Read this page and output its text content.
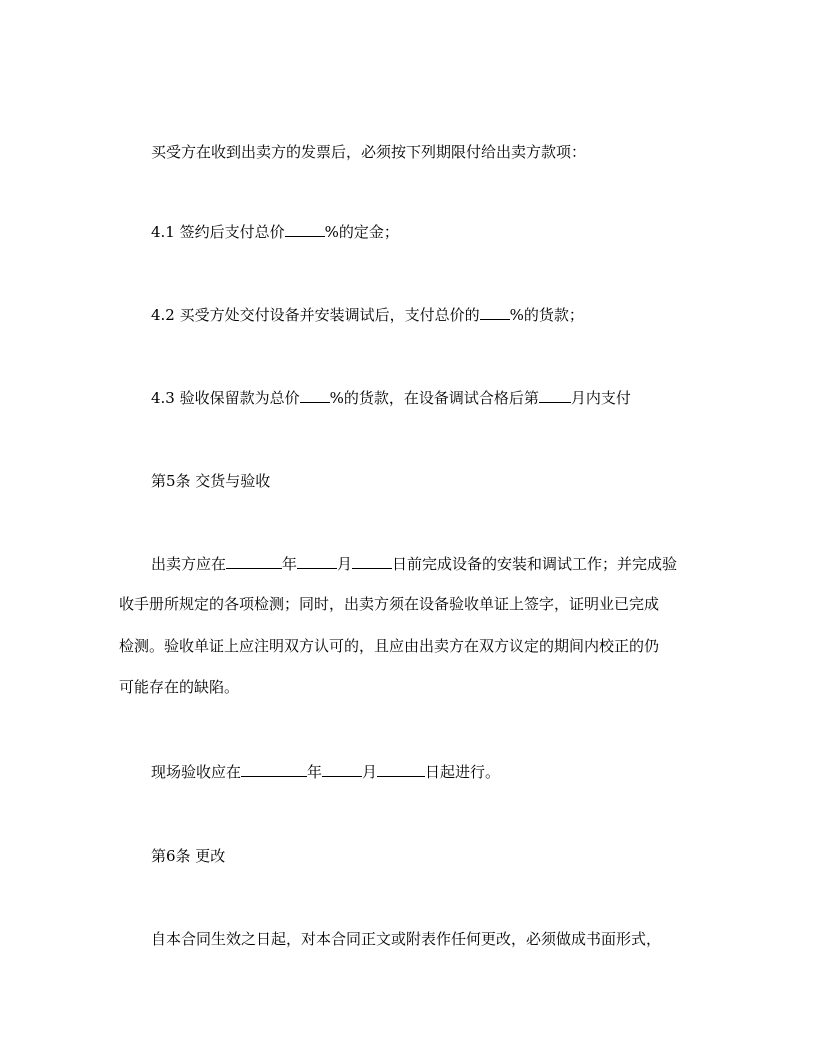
买受方在收到出卖方的发票后，必须按下列期限付给出卖方款项：

4.1 签约后支付总价	%的定金；

4.2 买受方处交付设备并安装调试后，支付总价的 %的货款；

4.3 验收保留款为总价 %的货款，在设备调试合格后第 月内支付

第5条 交货与验收

出卖方应在	年	月	日前完成设备的安装和调试工作；并完成验

收手册所规定的各项检测；同时，出卖方须在设备验收单证上签字，证明业已完成

检测。验收单证上应注明双方认可的，且应由出卖方在双方议定的期间内校正的仍

可能存在的缺陷。

现场验收应在	年	月	日起进行。

第6条 更改

自本合同生效之日起，对本合同正文或附表作任何更改，必须做成书面形式，
